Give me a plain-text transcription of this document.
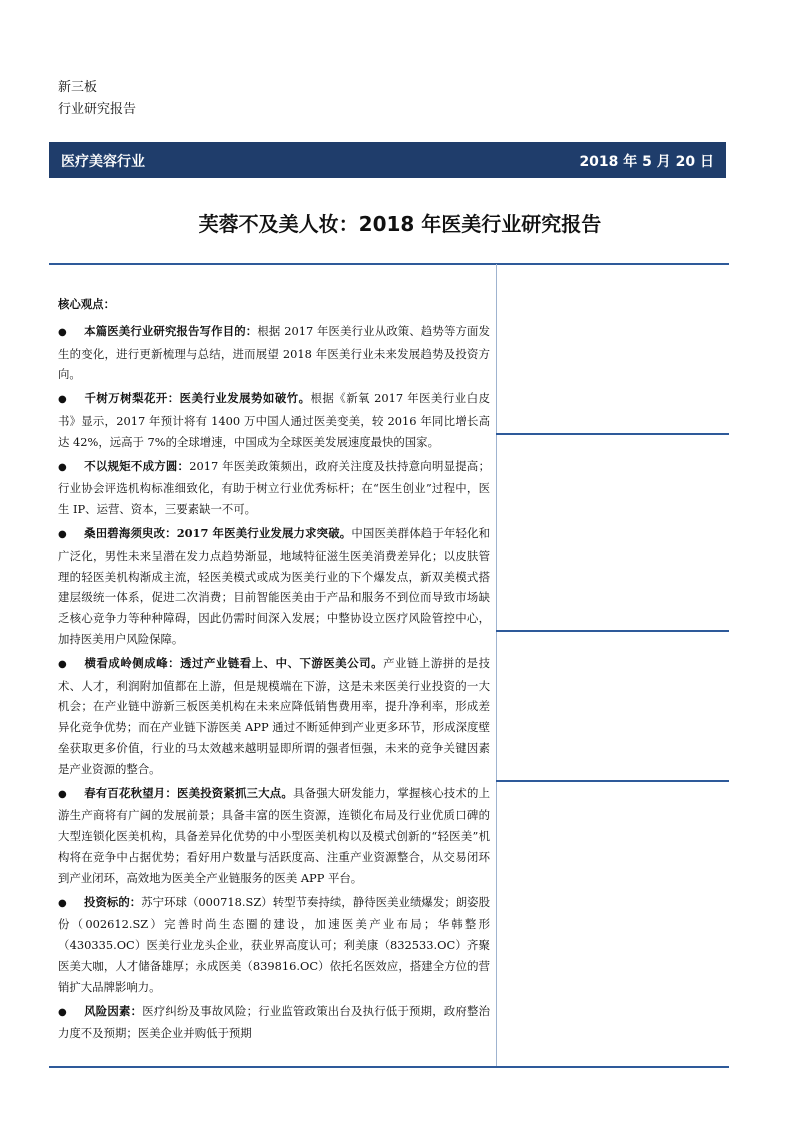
新三板
行业研究报告
医疗美容行业	2018 年 5 月 20 日
芙蓉不及美人妆：2018 年医美行业研究报告
核心观点：

● 本篇医美行业研究报告写作目的：根据 2017 年医美行业从政策、趋势等方面发生的变化，进行更新梳理与总结，进而展望 2018 年医美行业未来发展趋势及投资方向。

● 千树万树梨花开：医美行业发展势如破竹。根据《新氧 2017 年医美行业白皮书》显示，2017 年预计将有 1400 万中国人通过医美变美，较 2016 年同比增长高达 42%，远高于 7%的全球增速，中国成为全球医美发展速度最快的国家。

● 不以规矩不成方圆：2017 年医美政策频出，政府关注度及扶持意向明显提高；行业协会评选机构标准细致化，有助于树立行业优秀标杆；在“医生创业”过程中，医生 IP、运营、资本，三要素缺一不可。

● 桑田碧海须臾改：2017 年医美行业发展力求突破。中国医美群体趋于年轻化和广泛化，男性未来呈潜在发力点趋势渐显，地域特征滋生医美消费差异化；以皮肤管理的轻医美机构渐成主流，轻医美模式或成为医美行业的下个爆发点，新双美模式搭建层级统一体系，促进二次消费；目前智能医美由于产品和服务不到位而导致市场缺乏核心竞争力等种种障碍，因此仍需时间深入发展；中整协设立医疗风险管控中心，加持医美用户风险保障。

● 横看成岭侧成峰：透过产业链看上、中、下游医美公司。产业链上游拼的是技术、人才，利润附加值都在上游，但是规模端在下游，这是未来医美行业投资的一大机会；在产业链中游新三板医美机构在未来应降低销售费用率，提升净利率，形成差异化竞争优势；而在产业链下游医美 APP 通过不断延伸到产业更多环节，形成深度壁垒获取更多价值，行业的马太效越来越明显即所谓的强者恒强，未来的竞争关键因素是产业资源的整合。

● 春有百花秋望月：医美投资紧抓三大点。具备强大研发能力，掌握核心技术的上游生产商将有广阔的发展前景；具备丰富的医生资源，连锁化布局及行业优质口碑的大型连锁化医美机构，具备差异化优势的中小型医美机构以及模式创新的“轻医美”机构将在竞争中占据优势；看好用户数量与活跃度高、注重产业资源整合，从交易闭环到产业闭环，高效地为医美全产业链服务的医美 APP 平台。

● 投资标的：苏宁环球（000718.SZ）转型节奏持续，静待医美业绩爆发；朗姿股份（002612.SZ）完善时尚生态圈的建设，加速医美产业布局；华韩整形（430335.OC）医美行业龙头企业，获业界高度认可；利美康（832533.OC）齐聚医美大咖，人才储备雄厚；永成医美（839816.OC）依托名医效应，搭建全方位的营销扩大品牌影响力。

● 风险因素：医疗纠纷及事故风险；行业监管政策出台及执行低于预期，政府整治力度不及预期；医美企业并购低于预期
